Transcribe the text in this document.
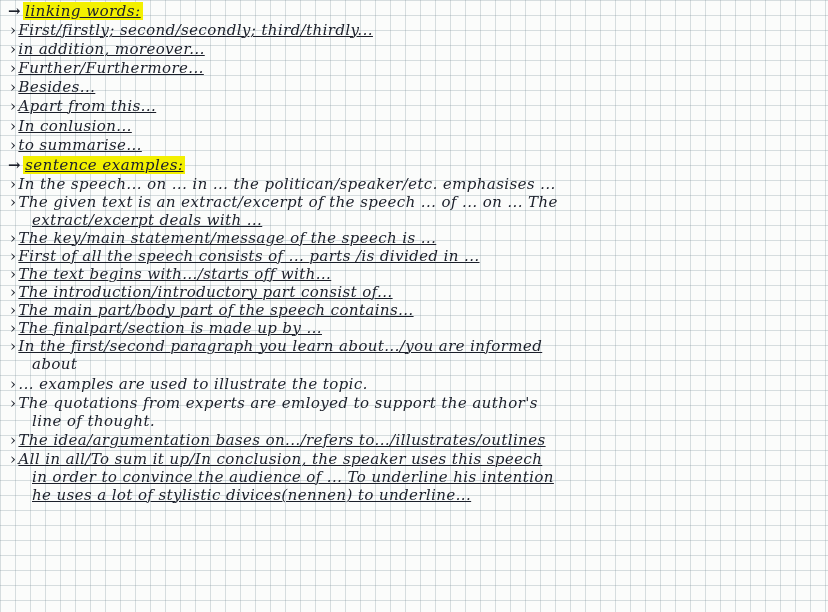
→ linking words:
› First/firstly; second/secondly; third/thirdly...
› in addition, moreover...
› Further/Furthermore...
› Besides...
› Apart from this...
› In conlusion...
› to summarise...
→ sentence examples:
› In the speech... on ... in ... the politican/speaker/etc. emphasises ...
› The given text is an extract/excerpt of the speech ... of ... on ... The
extract/excerpt deals with ...
› The key/main statement/message of the speech is ...
› First of all the speech consists of ... parts /is divided in ...
› The text begins with.../starts off with...
› The introduction/introductory part consist of...
› The main part/body part of the speech contains...
› The finalpart/section is made up by ...
› In the first/second paragraph you learn about.../you are informed
about
› ... examples are used to illustrate the topic.
› The quotations from experts are emloyed to support the author's
line of thought.
› The idea/argumentation bases on.../refers to.../illustrates/outlines
› All in all/To sum it up/In conclusion, the speaker uses this speech
in order to convince the audience of ... To underline his intention
he uses a lot of stylistic divices(nennen) to underline...
